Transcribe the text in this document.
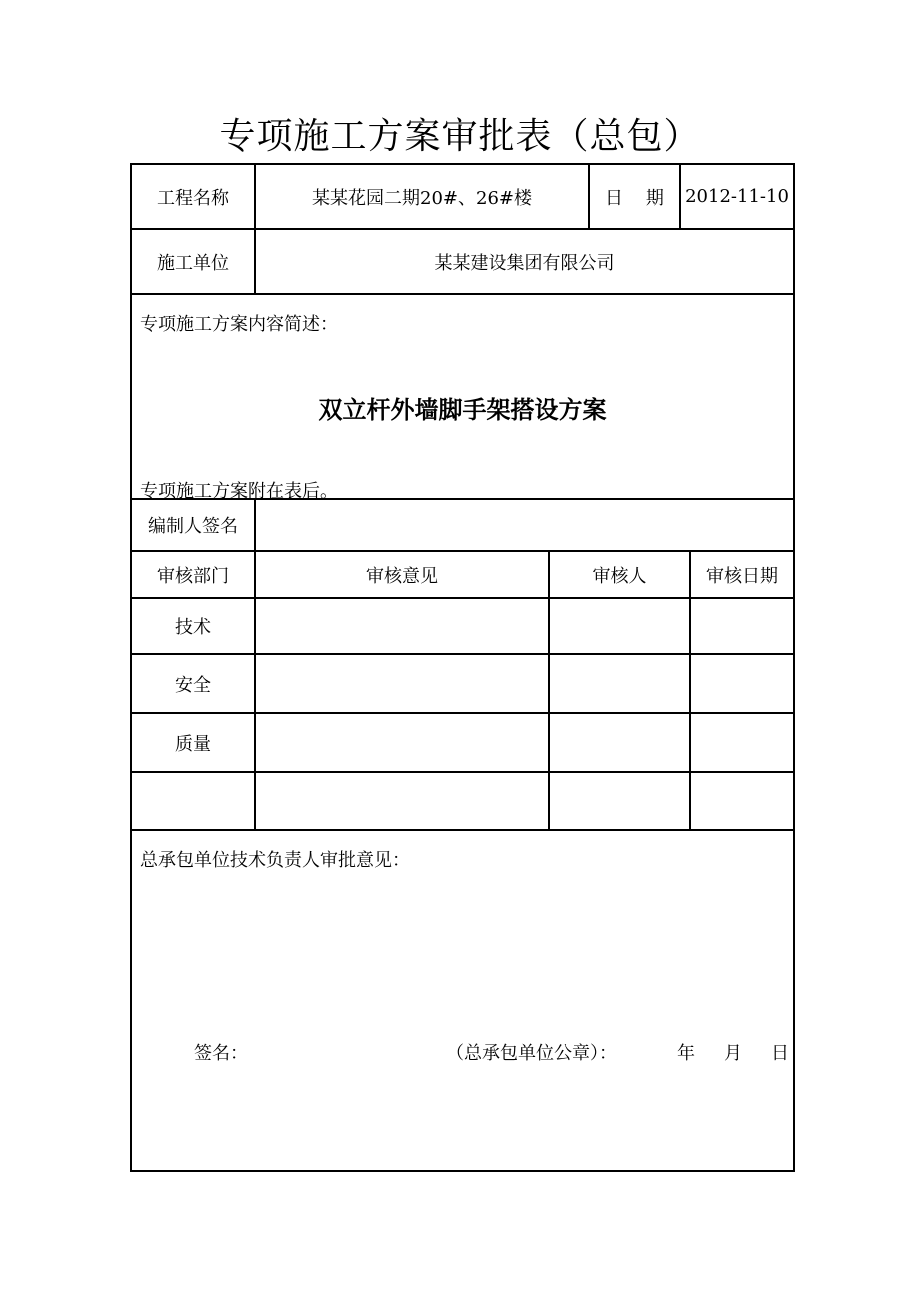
专项施工方案审批表（总包）
工程名称	某某花园二期20#、26#楼	日    期	2012-11-10
施工单位	某某建设集团有限公司
专项施工方案内容简述：
双立杆外墙脚手架搭设方案
专项施工方案附在表后。
编制人签名
审核部门	审核意见	审核人	审核日期
技术
安全
质量
总承包单位技术负责人审批意见：
签名：	（总承包单位公章）：	年 月 日
